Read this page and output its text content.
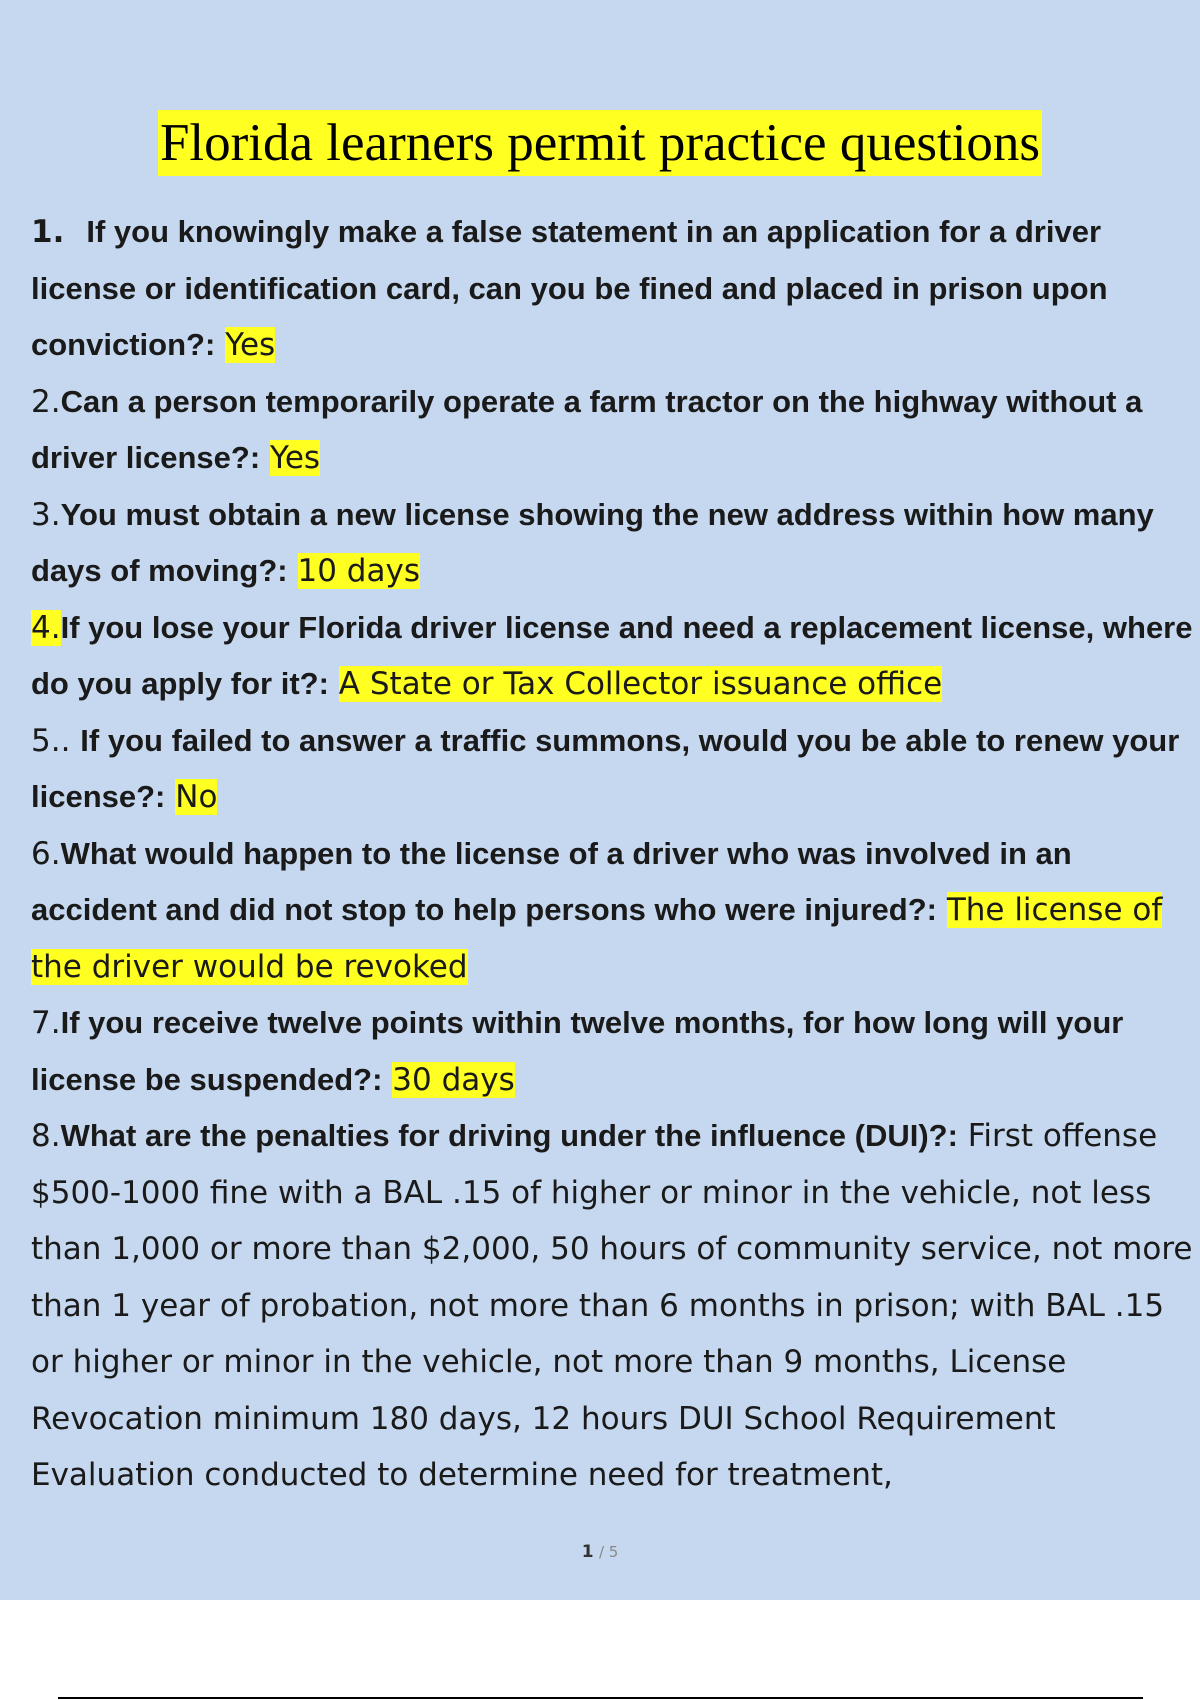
Florida learners permit practice questions

1. If you knowingly make a false statement in an application for a driver license or identification card, can you be fined and placed in prison upon conviction?: Yes

2.Can a person temporarily operate a farm tractor on the highway without a driver license?: Yes

3.You must obtain a new license showing the new address within how many days of moving?: 10 days

4.If you lose your Florida driver license and need a replacement license, where do you apply for it?: A State or Tax Collector issuance office

5.. If you failed to answer a traffic summons, would you be able to renew your license?: No

6.What would happen to the license of a driver who was involved in an accident and did not stop to help persons who were injured?: The license of the driver would be revoked

7.If you receive twelve points within twelve months, for how long will your license be suspended?: 30 days

8.What are the penalties for driving under the influence (DUI)?: First offense $500-1000 fine with a BAL .15 of higher or minor in the vehicle, not less than 1,000 or more than $2,000, 50 hours of community service, not more than 1 year of probation, not more than 6 months in prison; with BAL .15 or higher or minor in the vehicle, not more than 9 months, License Revocation minimum 180 days, 12 hours DUI School Requirement Evaluation conducted to determine need for treatment,

1 / 5
